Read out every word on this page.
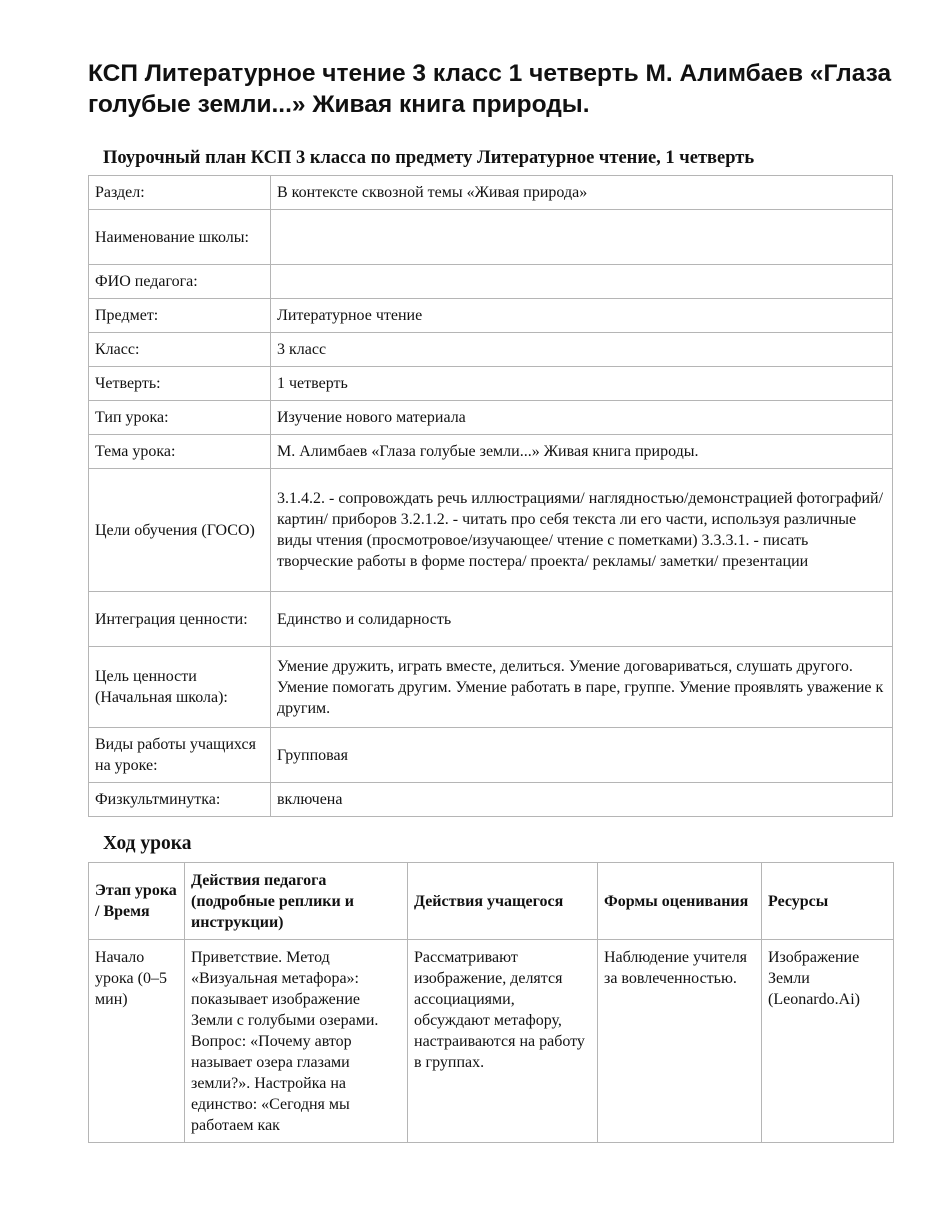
КСП Литературное чтение 3 класс 1 четверть М. Алимбаев «Глаза голубые земли...» Живая книга природы.
Поурочный план КСП 3 класса по предмету Литературное чтение, 1 четверть
Раздел:	В контексте сквозной темы «Живая природа»
Наименование школы:	
ФИО педагога:	
Предмет:	Литературное чтение
Класс:	3 класс
Четверть:	1 четверть
Тип урока:	Изучение нового материала
Тема урока:	М. Алимбаев «Глаза голубые земли...» Живая книга природы.
Цели обучения (ГОСО)	3.1.4.2. - сопровождать речь иллюстрациями/ наглядностью/демонстрацией фотографий/ картин/ приборов 3.2.1.2. - читать про себя текста ли его части, используя различные виды чтения (просмотровое/изучающее/ чтение с пометками) 3.3.3.1. - писать творческие работы в форме постера/ проекта/ рекламы/ заметки/ презентации
Интеграция ценности:	Единство и солидарность
Цель ценности (Начальная школа):	Умение дружить, играть вместе, делиться. Умение договариваться, слушать другого. Умение помогать другим. Умение работать в паре, группе. Умение проявлять уважение к другим.
Виды работы учащихся на уроке:	Групповая
Физкультминутка:	включена
Ход урока
Этап урока / Время	Действия педагога (подробные реплики и инструкции)	Действия учащегося	Формы оценивания	Ресурсы
Начало урока (0–5 мин)	Приветствие. Метод «Визуальная метафора»: показывает изображение Земли с голубыми озерами. Вопрос: «Почему автор называет озера глазами земли?». Настройка на единство: «Сегодня мы работаем как	Рассматривают изображение, делятся ассоциациями, обсуждают метафору, настраиваются на работу в группах.	Наблюдение учителя за вовлеченностью.	Изображение Земли (Leonardo.Ai)
